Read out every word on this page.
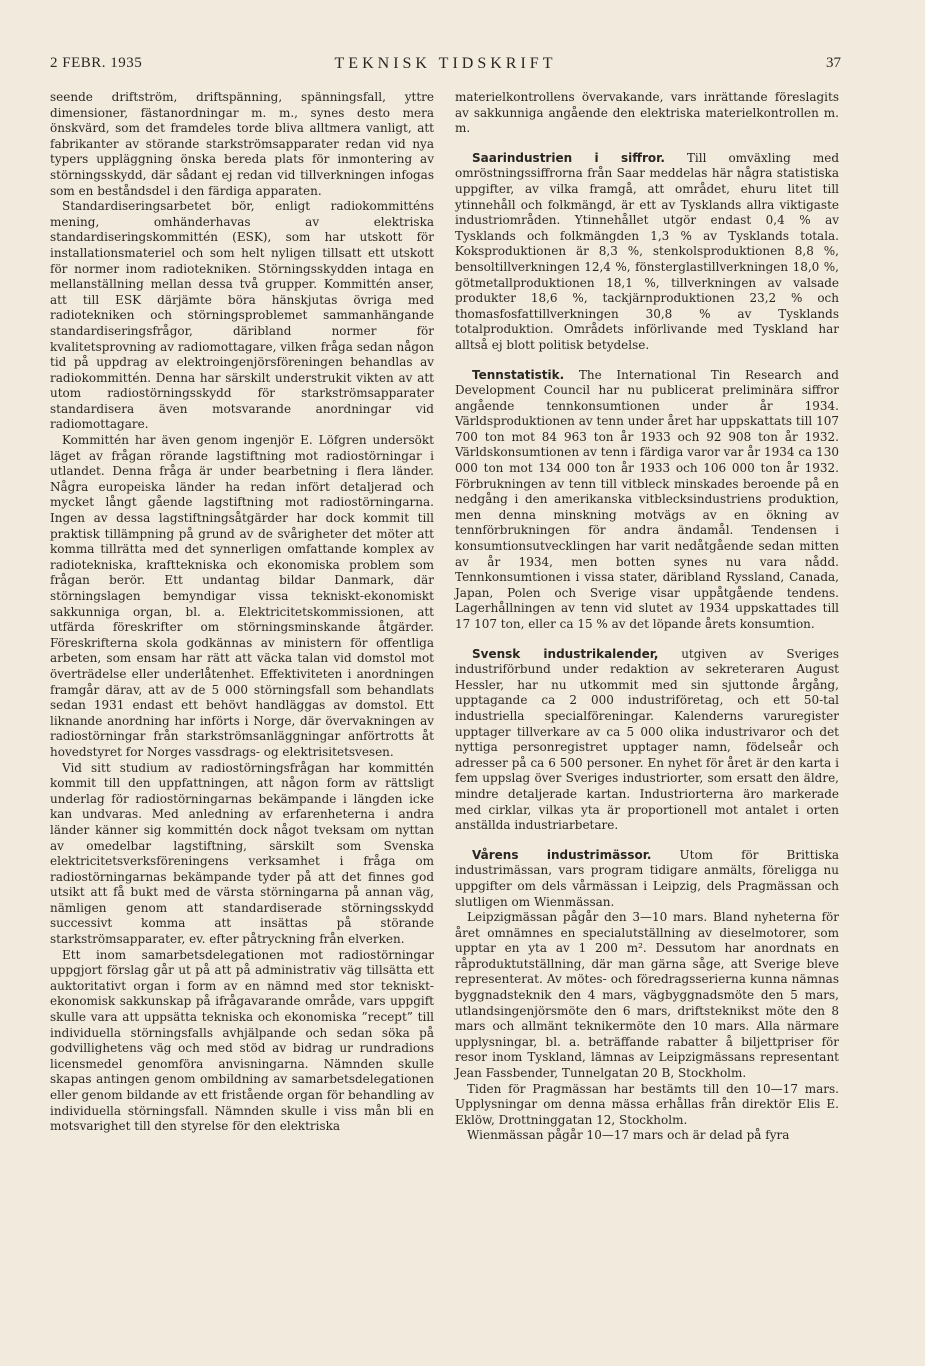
2 FEBR. 1935	TEKNISK TIDSKRIFT	37

seende driftström, driftspänning, spänningsfall, yttre dimensioner, fästanordningar m. m., synes desto mera önskvärd, som det framdeles torde bliva alltmera vanligt, att fabrikanter av störande starkströmsapparater redan vid nya typers uppläggning önska bereda plats för inmontering av störningsskydd, där sådant ej redan vid tillverkningen infogas som en beståndsdel i den färdiga apparaten.

Standardiseringsarbetet bör, enligt radiokommitténs mening, omhänderhavas av elektriska standardiseringskommittén (ESK), som har utskott för installationsmateriel och som helt nyligen tillsatt ett utskott för normer inom radiotekniken. Störningsskydden intaga en mellanställning mellan dessa två grupper. Kommittén anser, att till ESK därjämte böra hänskjutas övriga med radiotekniken och störningsproblemet sammanhängande standardiseringsfrågor, däribland normer för kvalitetsprovning av radiomottagare, vilken fråga sedan någon tid på uppdrag av elektroingenjörsföreningen behandlas av radiokommittén. Denna har särskilt understrukit vikten av att utom radiostörningsskydd för starkströmsapparater standardisera även motsvarande anordningar vid radiomottagare.

Kommittén har även genom ingenjör E. Löfgren undersökt läget av frågan rörande lagstiftning mot radiostörningar i utlandet. Denna fråga är under bearbetning i flera länder. Några europeiska länder ha redan infört detaljerad och mycket långt gående lagstiftning mot radiostörningarna. Ingen av dessa lagstiftningsåtgärder har dock kommit till praktisk tillämpning på grund av de svårigheter det möter att komma tillrätta med det synnerligen omfattande komplex av radiotekniska, krafttekniska och ekonomiska problem som frågan berör. Ett undantag bildar Danmark, där störningslagen bemyndigar vissa tekniskt-ekonomiskt sakkunniga organ, bl. a. Elektricitetskommissionen, att utfärda föreskrifter om störningsminskande åtgärder. Föreskrifterna skola godkännas av ministern för offentliga arbeten, som ensam har rätt att väcka talan vid domstol mot överträdelse eller underlåtenhet. Effektiviteten i anordningen framgår därav, att av de 5 000 störningsfall som behandlats sedan 1931 endast ett behövt handläggas av domstol. Ett liknande anordning har införts i Norge, där övervakningen av radiostörningar från starkströmsanläggningar anförtrotts åt hovedstyret for Norges vassdrags- og elektrisitetsvesen.

Vid sitt studium av radiostörningsfrågan har kommittén kommit till den uppfattningen, att någon form av rättsligt underlag för radiostörningarnas bekämpande i längden icke kan undvaras. Med anledning av erfarenheterna i andra länder känner sig kommittén dock något tveksam om nyttan av omedelbar lagstiftning, särskilt som Svenska elektricitetsverksföreningens verksamhet i fråga om radiostörningarnas bekämpande tyder på att det finnes god utsikt att få bukt med de värsta störningarna på annan väg, nämligen genom att standardiserade störningsskydd successivt komma att insättas på störande starkströmsapparater, ev. efter påtryckning från elverken.

Ett inom samarbetsdelegationen mot radiostörningar uppgjort förslag går ut på att på administrativ väg tillsätta ett auktoritativt organ i form av en nämnd med stor tekniskt-ekonomisk sakkunskap på ifrågavarande område, vars uppgift skulle vara att uppsätta tekniska och ekonomiska ”recept” till individuella störningsfalls avhjälpande och sedan söka på godvillighetens väg och med stöd av bidrag ur rundradions licensmedel genomföra anvisningarna. Nämnden skulle skapas antingen genom ombildning av samarbetsdelegationen eller genom bildande av ett fristående organ för behandling av individuella störningsfall. Nämnden skulle i viss mån bli en motsvarighet till den styrelse för den elektriska

materielkontrollens övervakande, vars inrättande föreslagits av sakkunniga angående den elektriska materielkontrollen m. m.

Saarindustrien i siffror. Till omväxling med omröstningssiffrorna från Saar meddelas här några statistiska uppgifter, av vilka framgå, att området, ehuru litet till ytinnehåll och folkmängd, är ett av Tysklands allra viktigaste industriområden. Ytinnehållet utgör endast 0,4 % av Tysklands och folkmängden 1,3 % av Tysklands totala. Koksproduktionen är 8,3 %, stenkolsproduktionen 8,8 %, bensoltillverkningen 12,4 %, fönsterglastillverkningen 18,0 %, götmetallproduktionen 18,1 %, tillverkningen av valsade produkter 18,6 %, tackjärnproduktionen 23,2 % och thomasfosfattillverkningen 30,8 % av Tysklands totalproduktion. Områdets införlivande med Tyskland har alltså ej blott politisk betydelse.

Tennstatistik. The International Tin Research and Development Council har nu publicerat preliminära siffror angående tennkonsumtionen under år 1934. Världsproduktionen av tenn under året har uppskattats till 107 700 ton mot 84 963 ton år 1933 och 92 908 ton år 1932. Världskonsumtionen av tenn i färdiga varor var år 1934 ca 130 000 ton mot 134 000 ton år 1933 och 106 000 ton år 1932. Förbrukningen av tenn till vitbleck minskades beroende på en nedgång i den amerikanska vitblecksindustriens produktion, men denna minskning motvägs av en ökning av tennförbrukningen för andra ändamål. Tendensen i konsumtionsutvecklingen har varit nedåtgående sedan mitten av år 1934, men botten synes nu vara nådd. Tennkonsumtionen i vissa stater, däribland Ryssland, Canada, Japan, Polen och Sverige visar uppåtgående tendens. Lagerhållningen av tenn vid slutet av 1934 uppskattades till 17 107 ton, eller ca 15 % av det löpande årets konsumtion.

Svensk industrikalender, utgiven av Sveriges industriförbund under redaktion av sekreteraren August Hessler, har nu utkommit med sin sjuttonde årgång, upptagande ca 2 000 industriföretag, och ett 50-tal industriella specialföreningar. Kalenderns varuregister upptager tillverkare av ca 5 000 olika industrivaror och det nyttiga personregistret upptager namn, födelseår och adresser på ca 6 500 personer. En nyhet för året är den karta i fem uppslag över Sveriges industriorter, som ersatt den äldre, mindre detaljerade kartan. Industriorterna äro markerade med cirklar, vilkas yta är proportionell mot antalet i orten anställda industriarbetare.

Vårens industrimässor. Utom för Brittiska industrimässan, vars program tidigare anmälts, föreligga nu uppgifter om dels vårmässan i Leipzig, dels Pragmässan och slutligen om Wienmässan.

Leipzigmässan pågår den 3—10 mars. Bland nyheterna för året omnämnes en specialutställning av dieselmotorer, som upptar en yta av 1 200 m². Dessutom har anordnats en råproduktutställning, där man gärna såge, att Sverige bleve representerat. Av mötes- och föredragsserierna kunna nämnas byggnadsteknik den 4 mars, vägbyggnadsmöte den 5 mars, utlandsingenjörsmöte den 6 mars, driftsteknikst möte den 8 mars och allmänt teknikermöte den 10 mars. Alla närmare upplysningar, bl. a. beträffande rabatter å biljettpriser för resor inom Tyskland, lämnas av Leipzigmässans representant Jean Fassbender, Tunnelgatan 20 B, Stockholm.

Tiden för Pragmässan har bestämts till den 10—17 mars. Upplysningar om denna mässa erhållas från direktör Elis E. Eklöw, Drottninggatan 12, Stockholm.

Wienmässan pågår 10—17 mars och är delad på fyra
